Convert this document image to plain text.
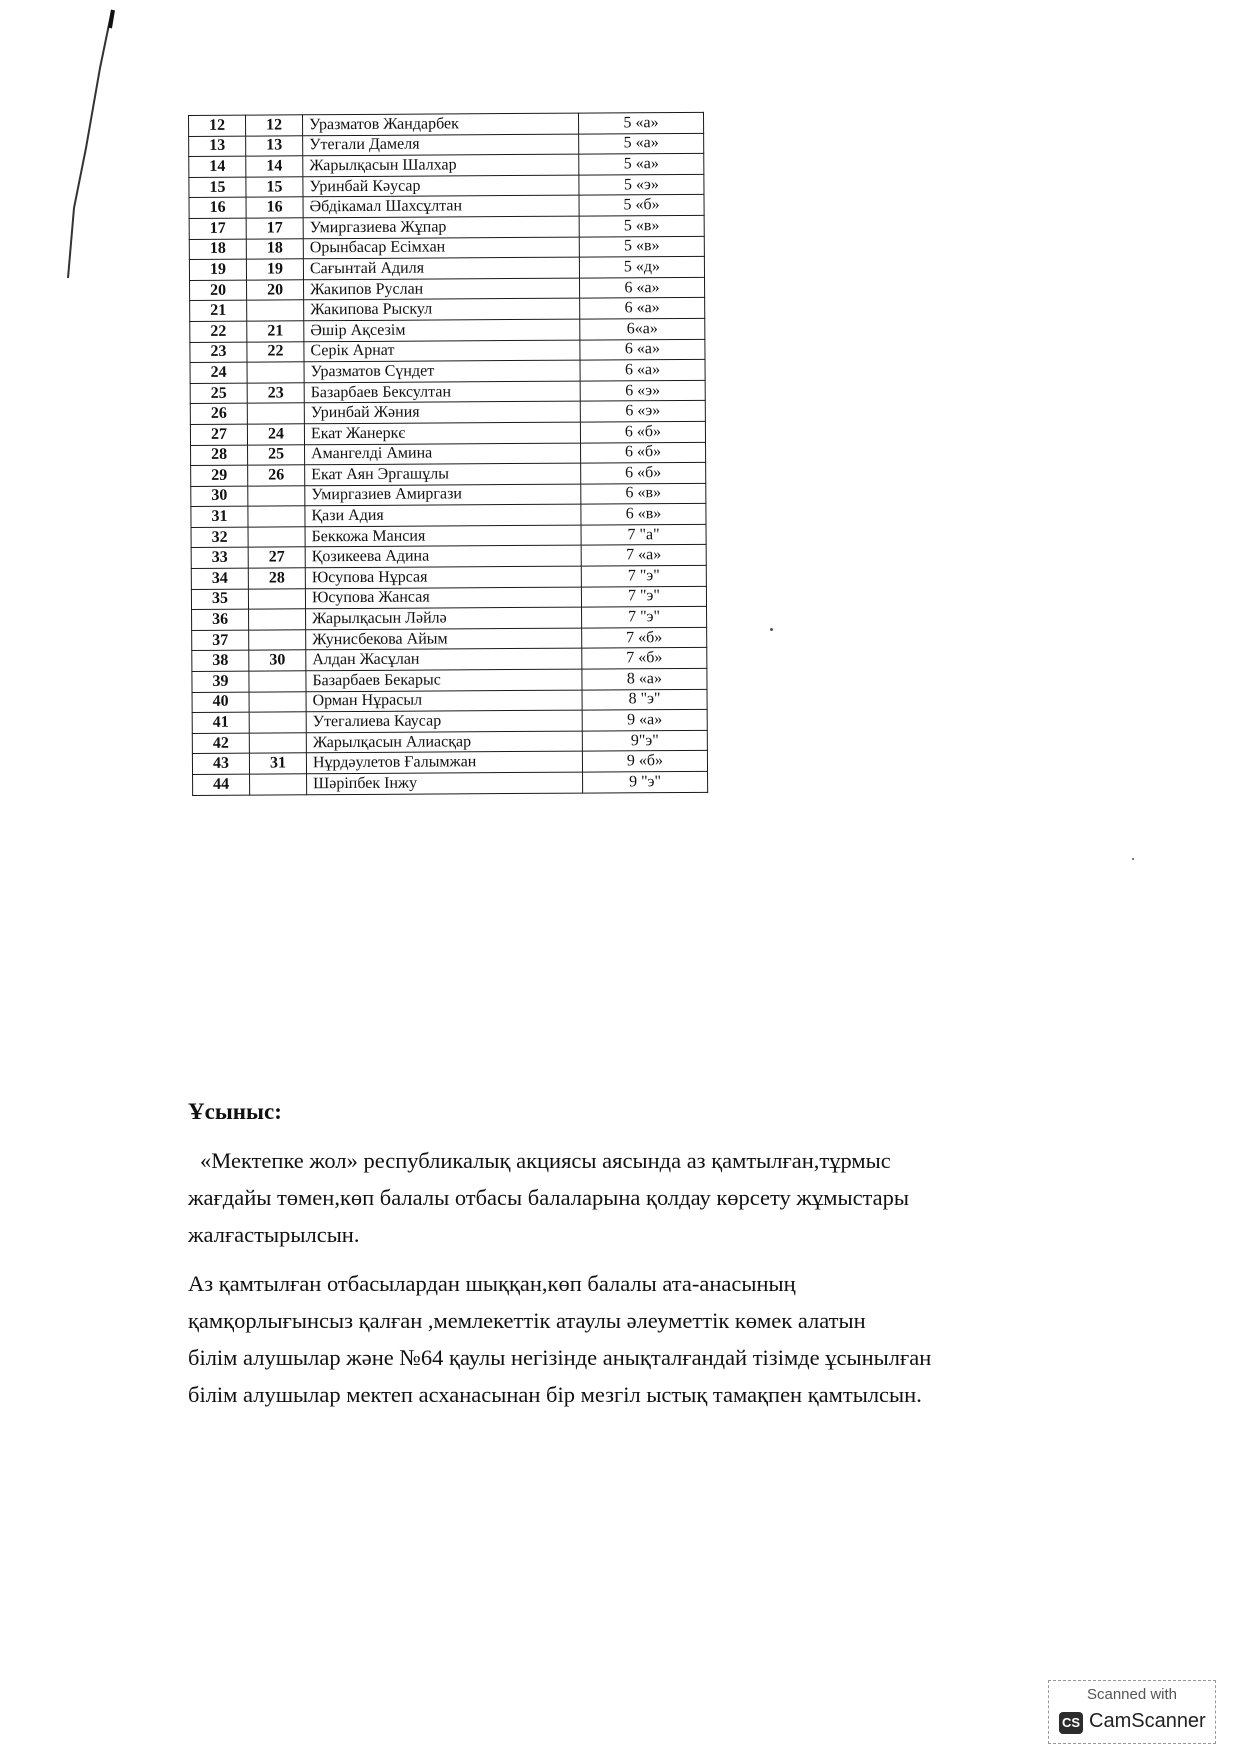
12	12	Уразматов Жандарбек	5 «а»
13	13	Утегали Дамеля	5 «а»
14	14	Жарылқасын Шалхар	5 «а»
15	15	Уринбай Кәусар	5 «э»
16	16	Әбдікамал Шахсұлтан	5 «б»
17	17	Умиргазиева Жұпар	5 «в»
18	18	Орынбасар Есімхан	5 «в»
19	19	Сағынтай Адиля	5 «д»
20	20	Жакипов Руслан	6 «а»
21		Жакипова Рыскул	6 «а»
22	21	Әшір Ақсезім	6«а»
23	22	Серік Арнат	6 «а»
24		Уразматов Сүндет	6 «а»
25	23	Базарбаев Бексултан	6 «э»
26		Уринбай Жәния	6 «э»
27	24	Екат Жанеркє	6 «б»
28	25	Амангелді Амина	6 «б»
29	26	Екат Аян Эргашұлы	6 «б»
30		Умиргазиев Амиргази	6 «в»
31		Қази Адия	6 «в»
32		Беккожа Мансия	7 "а"
33	27	Қозикеева Адина	7 «а»
34	28	Юсупова Нұрсая	7 "э"
35		Юсупова Жансая	7 "э"
36		Жарылқасын Ләйлә	7 "э"
37		Жунисбекова Айым	7 «б»
38	30	Алдан Жасұлан	7 «б»
39		Базарбаев Бекарыс	8 «а»
40		Орман Нұрасыл	8 "э"
41		Утегалиева Каусар	9 «а»
42		Жарылқасын Алиасқар	9"э"
43	31	Нұрдәулетов Ғалымжан	9 «б»
44		Шәріпбек Інжу	9 "э"
Ұсыныс:
«Мектепке жол» республикалық акциясы аясында аз қамтылған,тұрмыс
жағдайы төмен,көп балалы отбасы балаларына қолдау көрсету жұмыстары
жалғастырылсын.
Аз қамтылған отбасылардан шыққан,көп балалы ата-анасының
қамқорлығынсыз қалған ,мемлекеттік атаулы әлеуметтік көмек алатын
білім алушылар және №64 қаулы негізінде анықталғандай тізімде ұсынылған
білім алушылар мектеп асханасынан бір мезгіл ыстық тамақпен қамтылсын.
Scanned with
CS CamScanner
